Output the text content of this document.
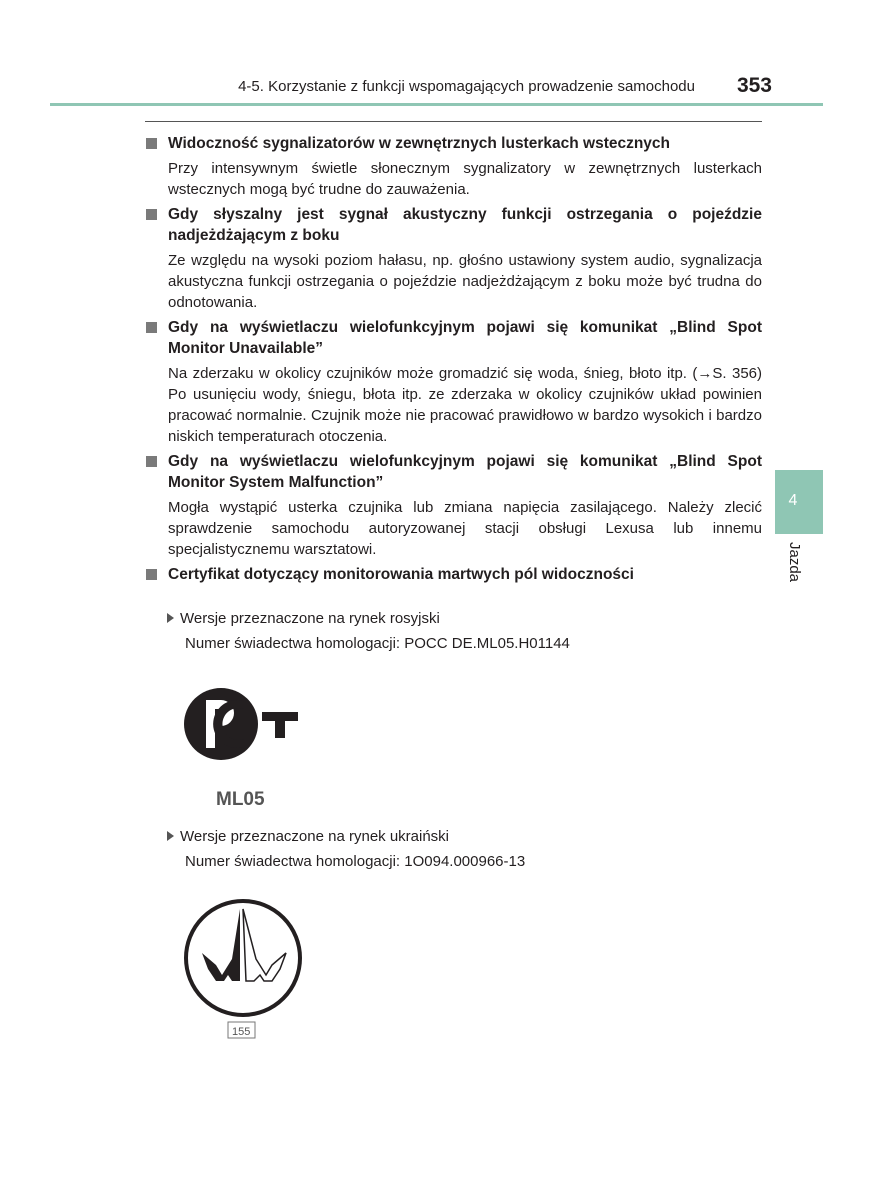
4-5. Korzystanie z funkcji wspomagających prowadzenie samochodu	353
Widoczność sygnalizatorów w zewnętrznych lusterkach wstecznych
Przy intensywnym świetle słonecznym sygnalizatory w zewnętrznych lusterkach wstecznych mogą być trudne do zauważenia.
Gdy słyszalny jest sygnał akustyczny funkcji ostrzegania o pojeździe nadjeżdżającym z boku
Ze względu na wysoki poziom hałasu, np. głośno ustawiony system audio, sygnalizacja akustyczna funkcji ostrzegania o pojeździe nadjeżdżającym z boku może być trudna do odnotowania.
Gdy na wyświetlaczu wielofunkcyjnym pojawi się komunikat „Blind Spot Monitor Unavailable”
Na zderzaku w okolicy czujników może gromadzić się woda, śnieg, błoto itp. (→S. 356) Po usunięciu wody, śniegu, błota itp. ze zderzaka w okolicy czujników układ powinien pracować normalnie. Czujnik może nie pracować prawidłowo w bardzo wysokich i bardzo niskich temperaturach otoczenia.
Gdy na wyświetlaczu wielofunkcyjnym pojawi się komunikat „Blind Spot Monitor System Malfunction”
Mogła wystąpić usterka czujnika lub zmiana napięcia zasilającego. Należy zlecić sprawdzenie samochodu autoryzowanej stacji obsługi Lexusa lub innemu specjalistycznemu warsztatowi.
Certyfikat dotyczący monitorowania martwych pól widoczności
Wersje przeznaczone na rynek rosyjski
Numer świadectwa homologacji: POCC DE.ML05.H01144
ML05
Wersje przeznaczone na rynek ukraiński
Numer świadectwa homologacji: 1O094.000966-13
155
4
Jazda
